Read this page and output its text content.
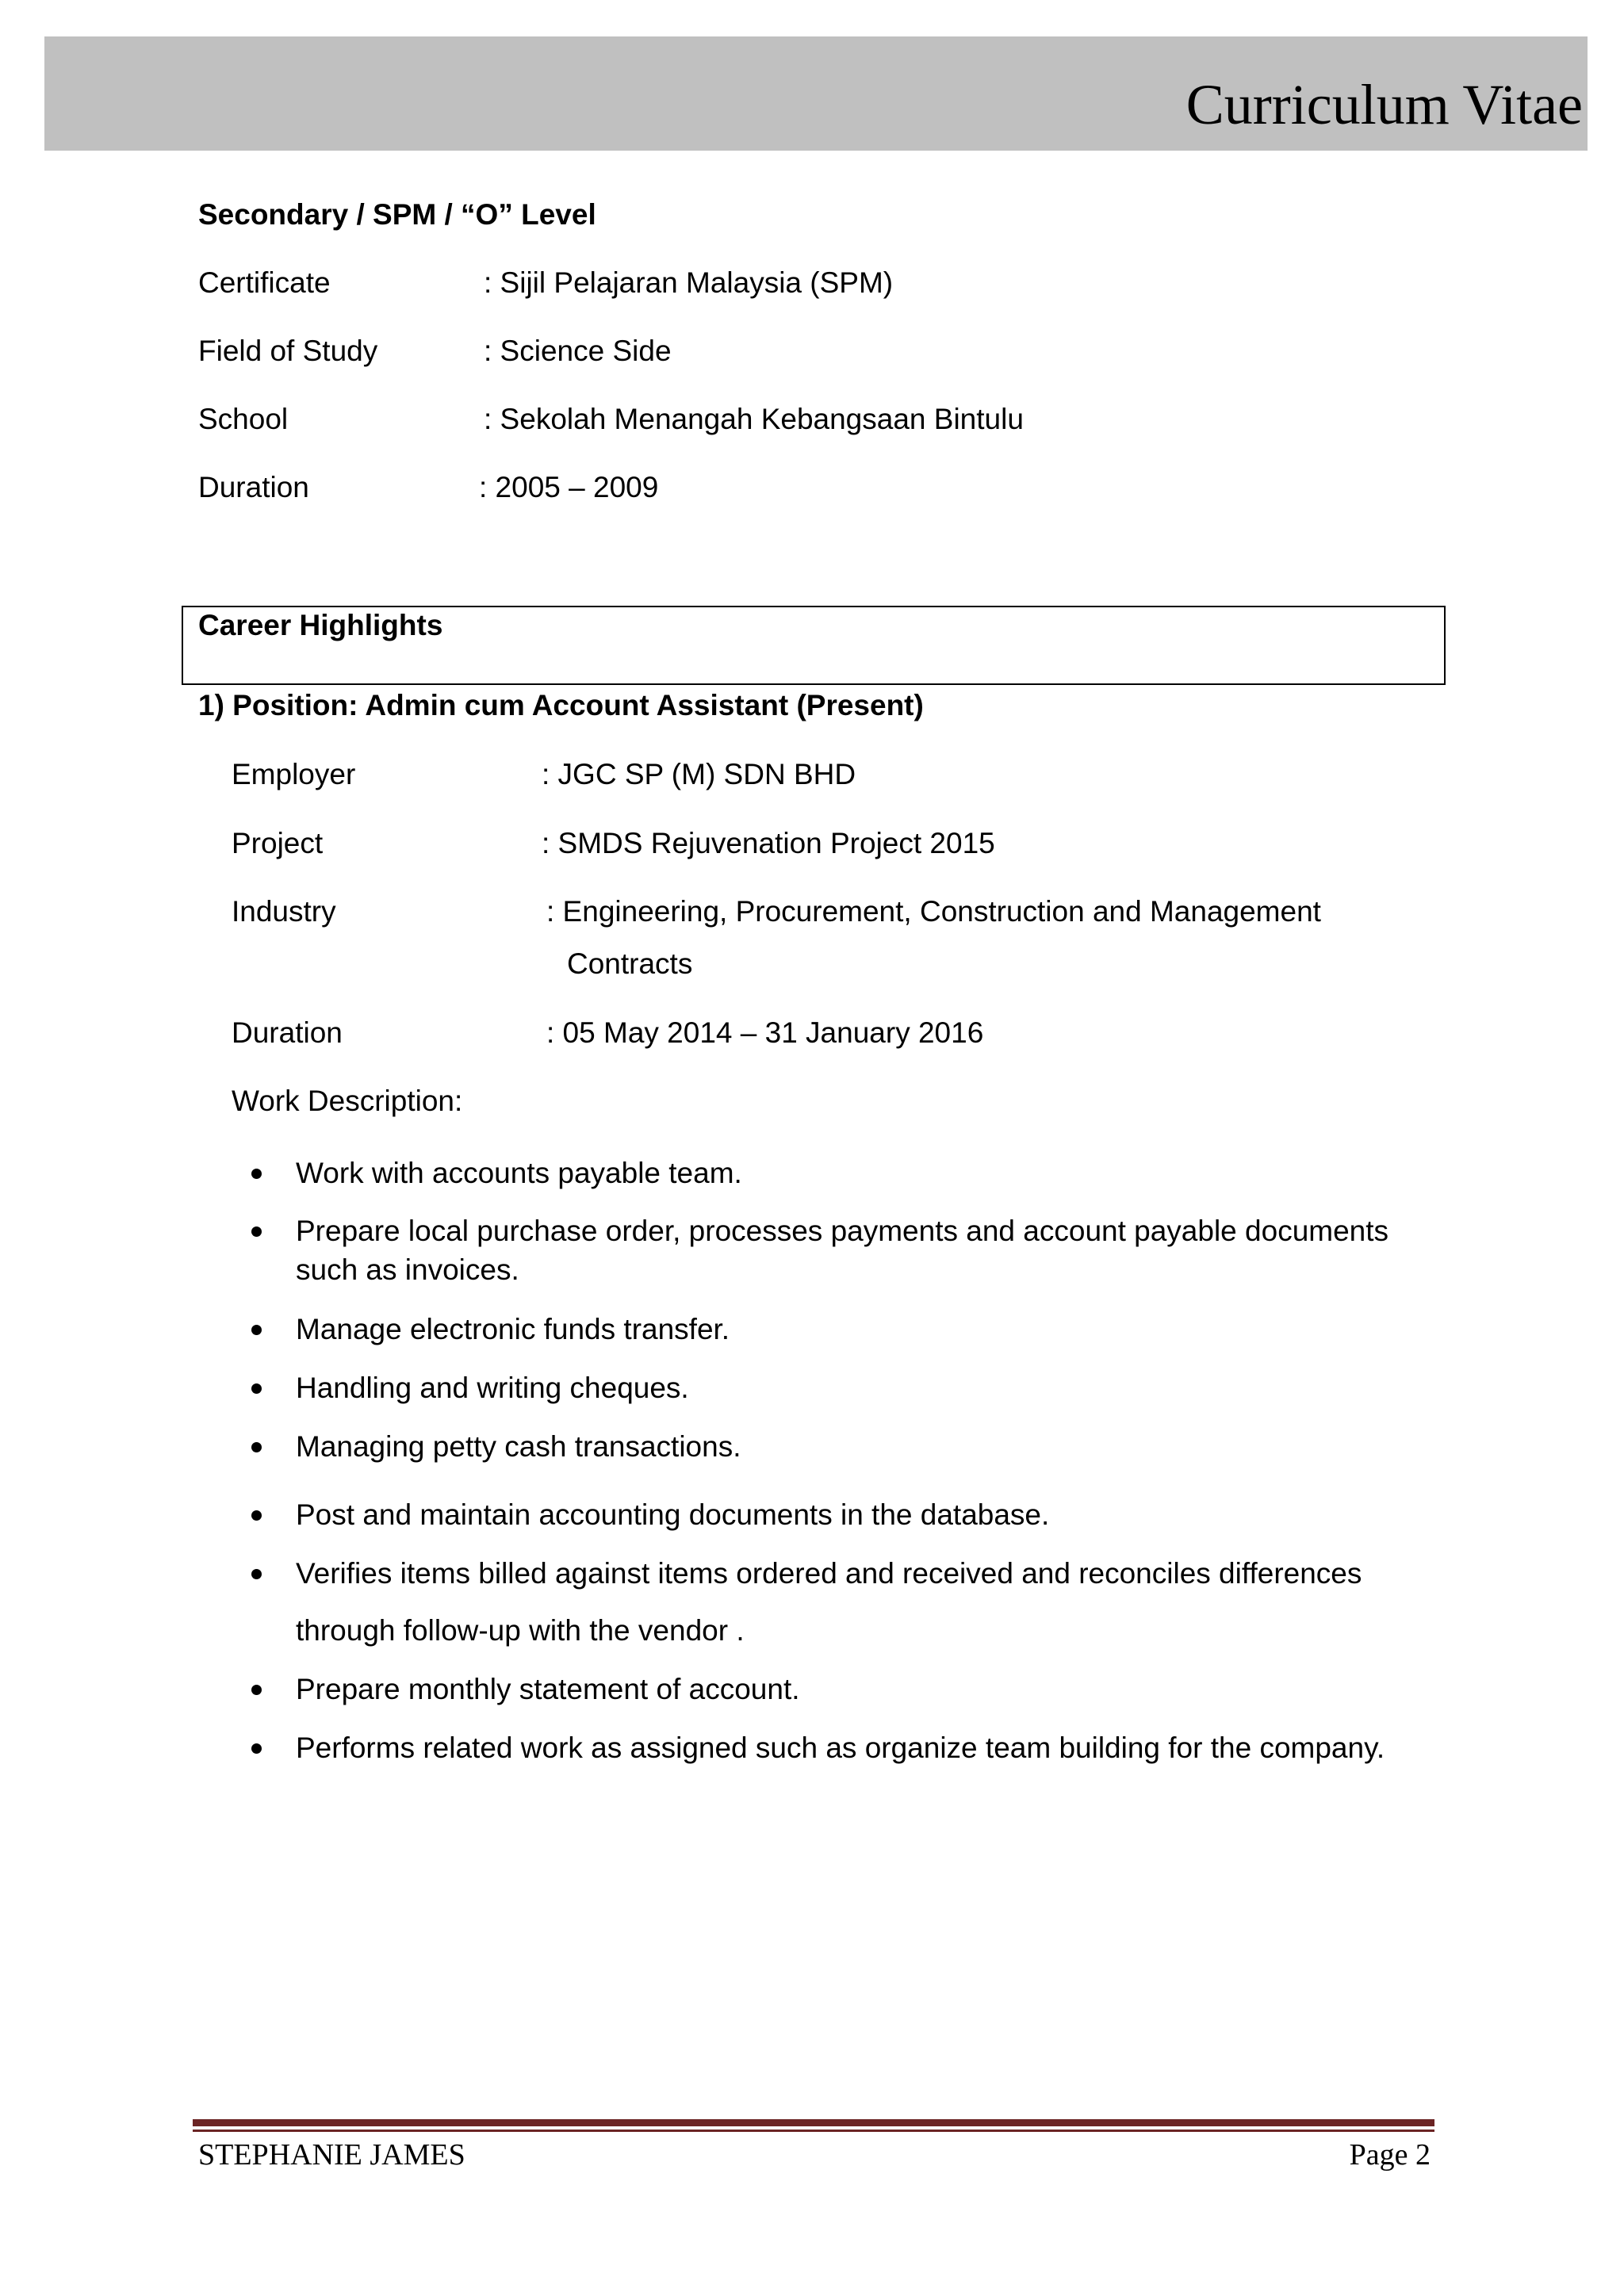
Curriculum Vitae
Secondary / SPM / “O” Level
Certificate	: Sijil Pelajaran Malaysia (SPM)
Field of Study	: Science Side
School	: Sekolah Menangah Kebangsaan Bintulu
Duration	: 2005 – 2009
Career Highlights
1) Position: Admin cum Account Assistant (Present)
Employer	: JGC SP (M) SDN BHD
Project	: SMDS Rejuvenation Project 2015
Industry	: Engineering, Procurement, Construction and Management
Contracts
Duration	: 05 May 2014 – 31 January 2016
Work Description:
Work with accounts payable team.
Prepare local purchase order, processes payments and account payable documents
such as invoices.
Manage electronic funds transfer.
Handling and writing cheques.
Managing petty cash transactions.
Post and maintain accounting documents in the database.
Verifies items billed against items ordered and received and reconciles differences
through follow-up with the vendor .
Prepare monthly statement of account.
Performs related work as assigned such as organize team building for the company.
STEPHANIE JAMES	Page 2
